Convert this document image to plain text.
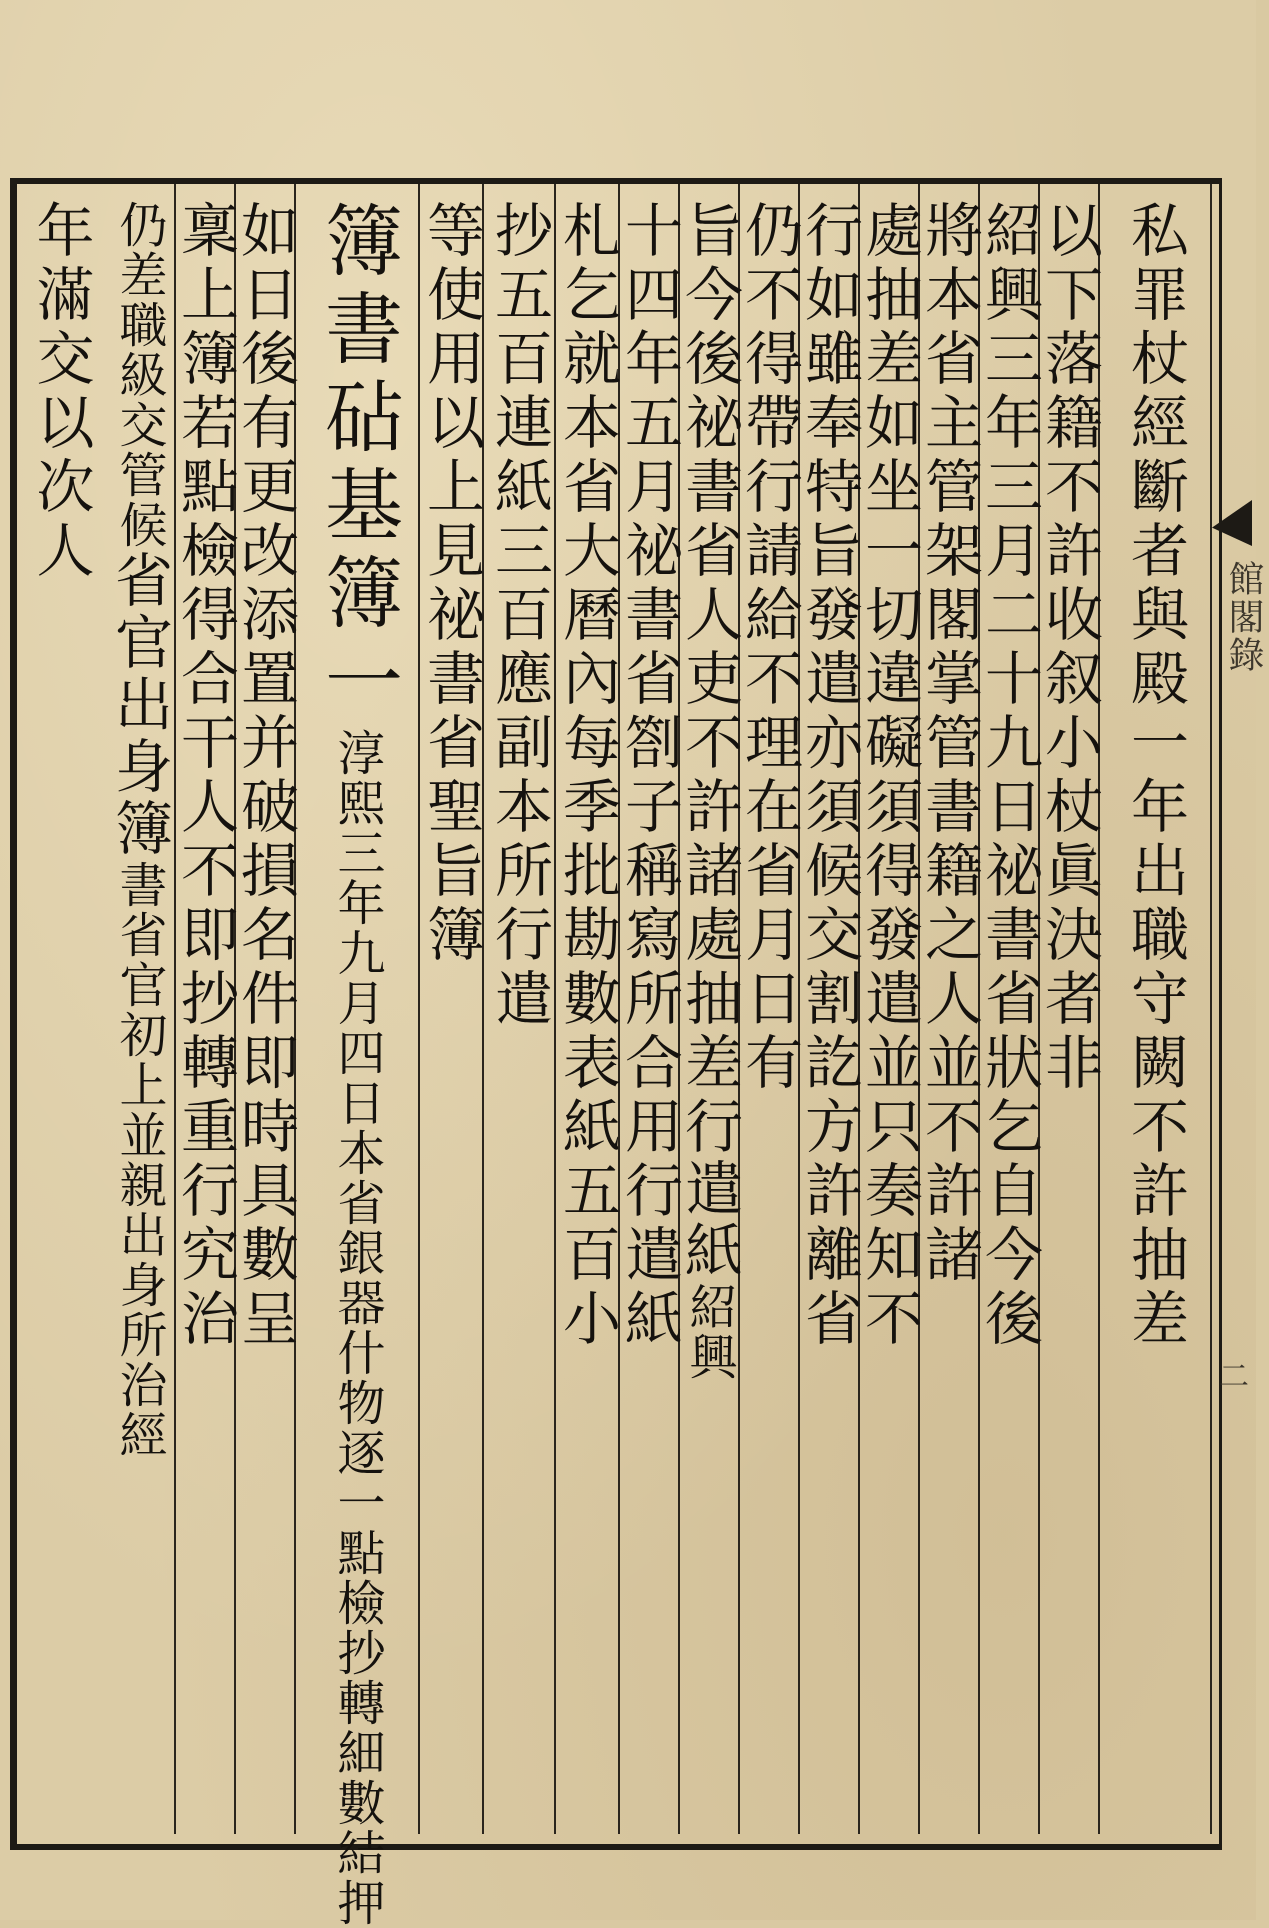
館閣錄
私罪杖經斷者與殿一年出職守闕不許抽差
以下落籍不許收叙小杖眞決者非
紹興三年三月二十九日祕書省狀乞自今後
將本省主管架閣掌管書籍之人並不許諸
處抽差如坐一切違礙須得發遣並只奏知不
行如雖奉特旨發遣亦須候交割訖方許離省
仍不得帶行請給不理在省月日有
旨今後祕書省人吏不許諸處抽差行遣紙紹興
十四年五月祕書省劄子稱寫所合用行遣紙
札乞就本省大曆內每季批勘數表紙五百小
抄五百連紙三百應副本所行遣
等使用以上見祕書省聖旨簿
簿書砧基簿一淳熙三年九月四日本省銀器什物逐一點檢抄轉細數結押
如日後有更改添置并破損名件即時具數呈
稟上簿若點檢得合干人不即抄轉重行究治
仍差職級交管候省官出身簿書省官初上並親出身所治經
年滿交以次人
二
